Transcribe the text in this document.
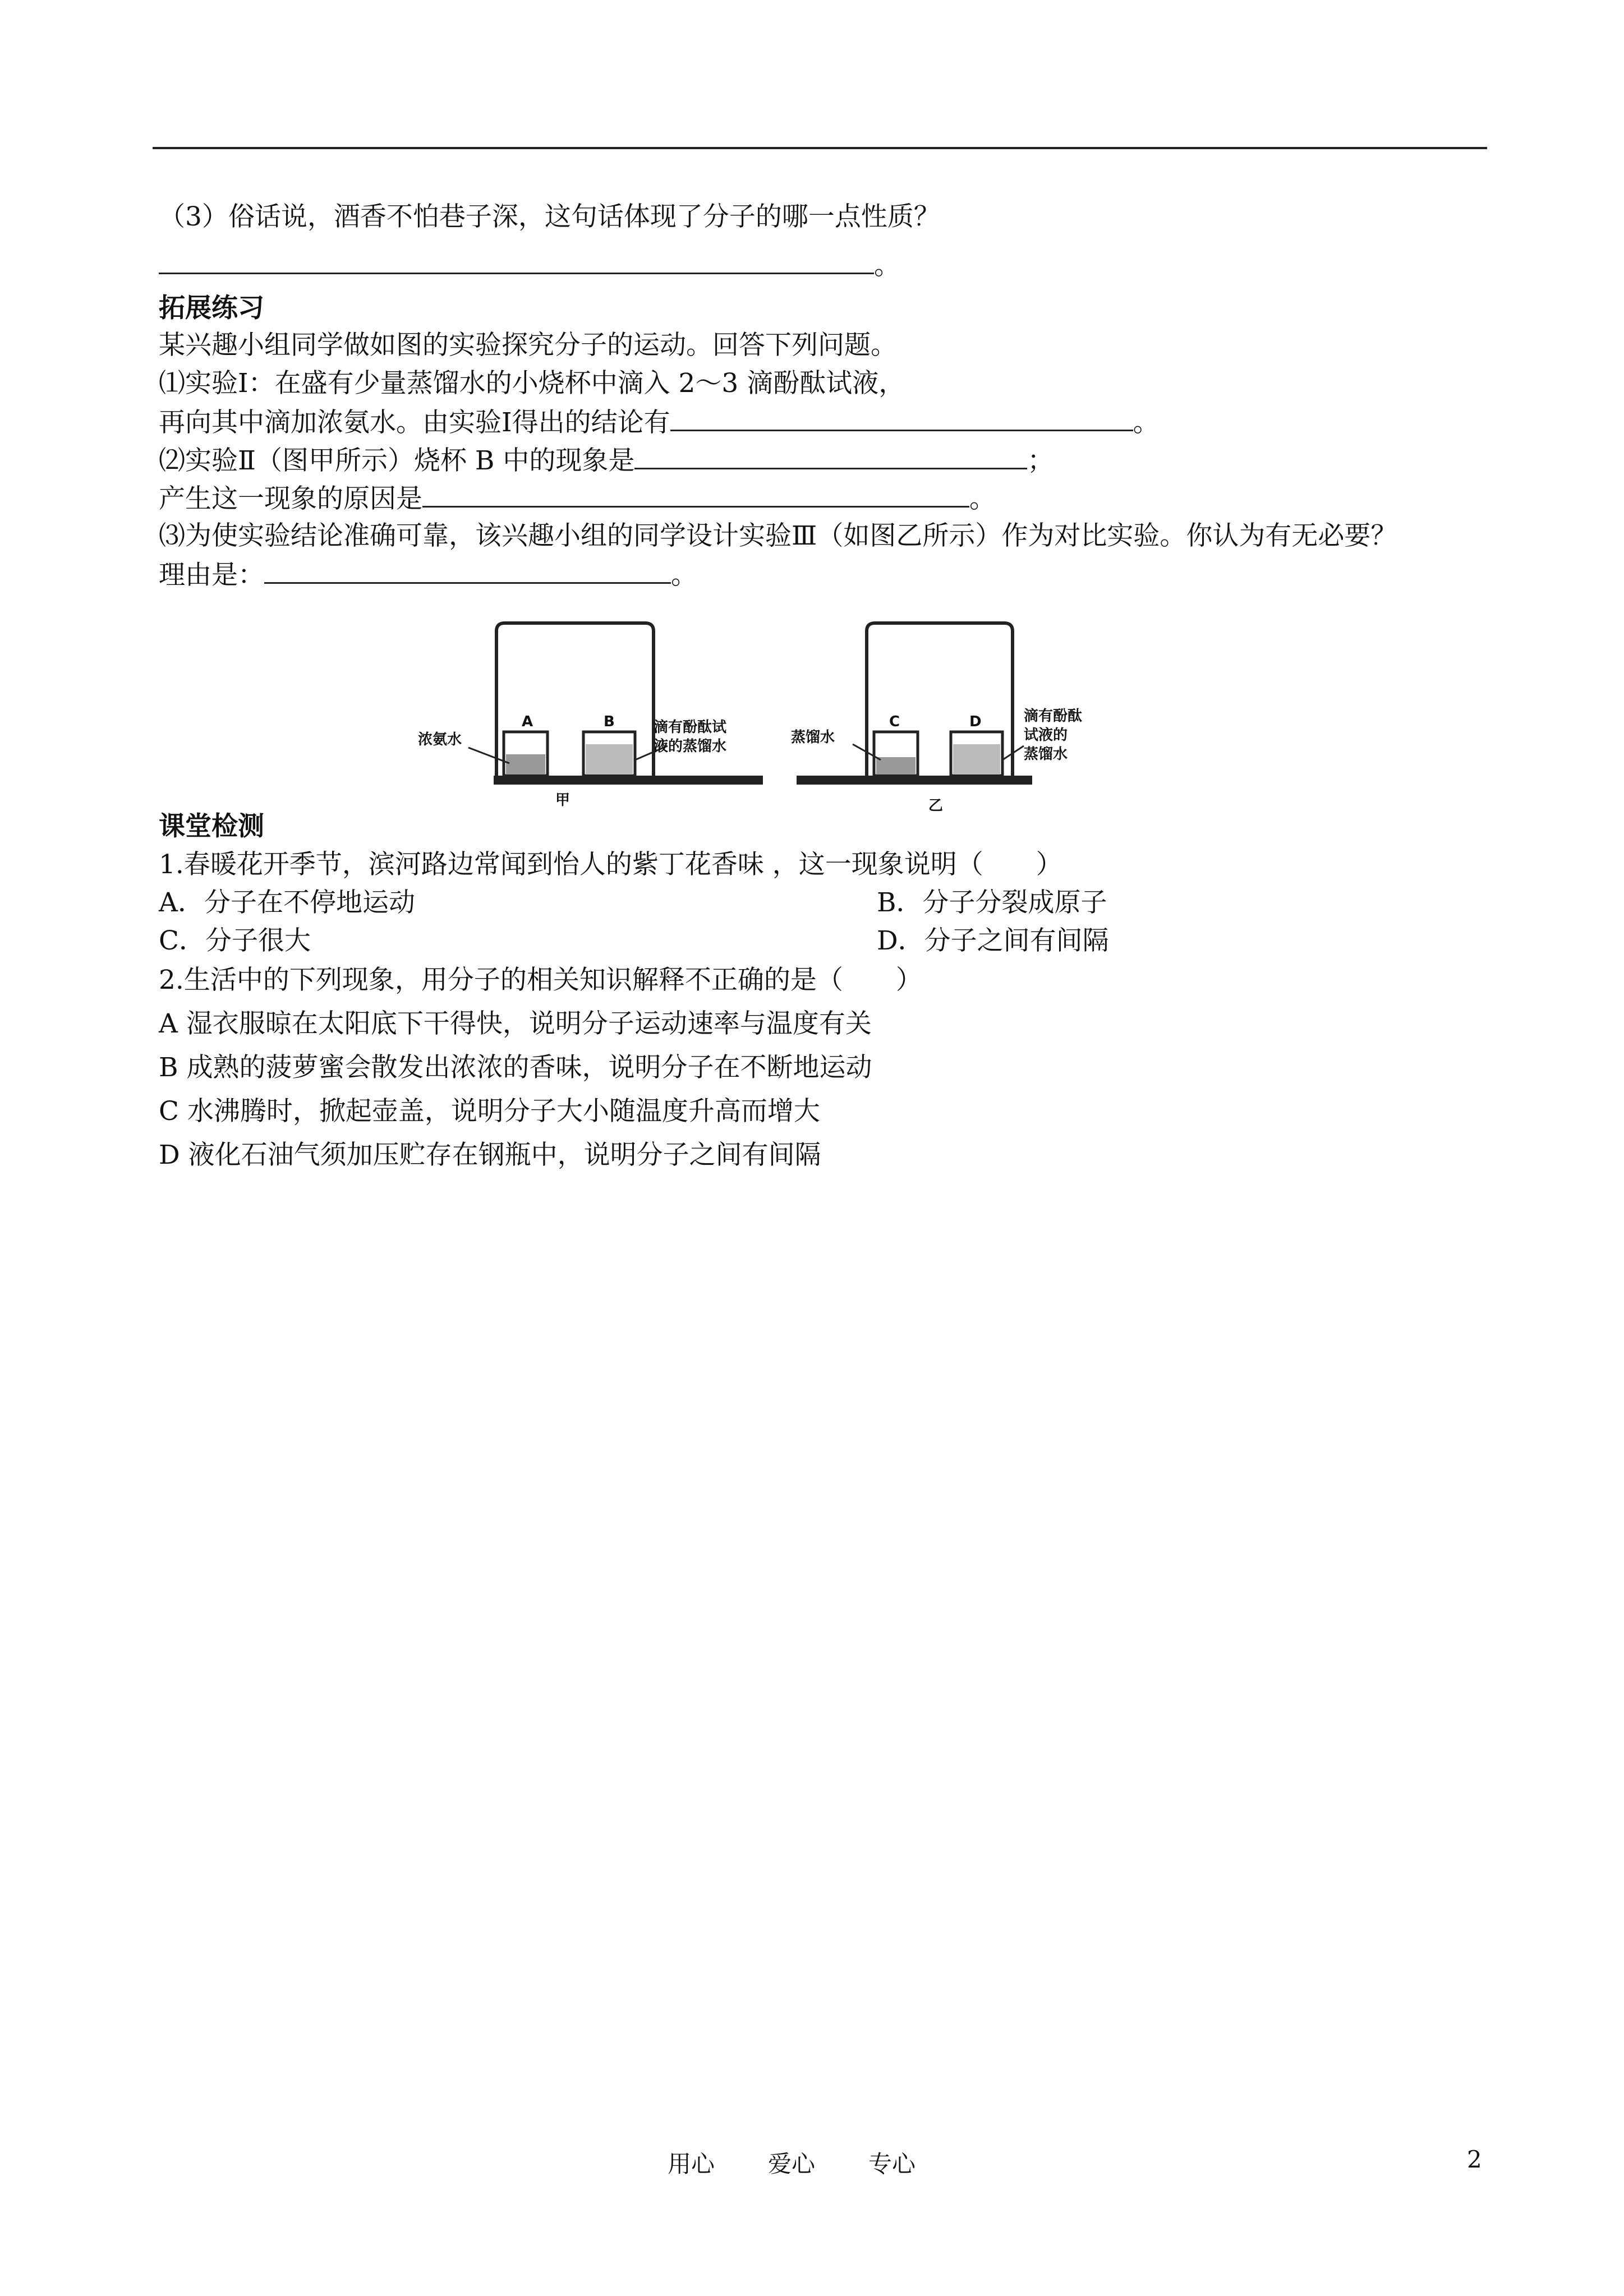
（3）俗话说，酒香不怕巷子深，这句话体现了分子的哪一点性质？
。
拓展练习
某兴趣小组同学做如图的实验探究分子的运动。回答下列问题。
⑴实验Ⅰ：在盛有少量蒸馏水的小烧杯中滴入 2～3 滴酚酞试液，
再向其中滴加浓氨水。由实验Ⅰ得出的结论有	。
⑵实验Ⅱ（图甲所示）烧杯 B 中的现象是	；
产生这一现象的原因是	。
⑶为使实验结论准确可靠，该兴趣小组的同学设计实验Ⅲ（如图乙所示）作为对比实验。你认为有无必要？
理由是：	。
A	B
浓氨水
滴有酚酞试
液的蒸馏水
甲
C	D
蒸馏水
滴有酚酞
试液的
蒸馏水
乙
课堂检测
1.春暖花开季节，滨河路边常闻到怡人的紫丁花香味 ，这一现象说明（　　）
A．分子在不停地运动	B．分子分裂成原子
C．分子很大	D．分子之间有间隔
2.生活中的下列现象，用分子的相关知识解释不正确的是（　　）
A 湿衣服晾在太阳底下干得快，说明分子运动速率与温度有关
B 成熟的菠萝蜜会散发出浓浓的香味，说明分子在不断地运动
C 水沸腾时，掀起壶盖，说明分子大小随温度升高而增大
D 液化石油气须加压贮存在钢瓶中，说明分子之间有间隔
用心 爱心 专心	2
